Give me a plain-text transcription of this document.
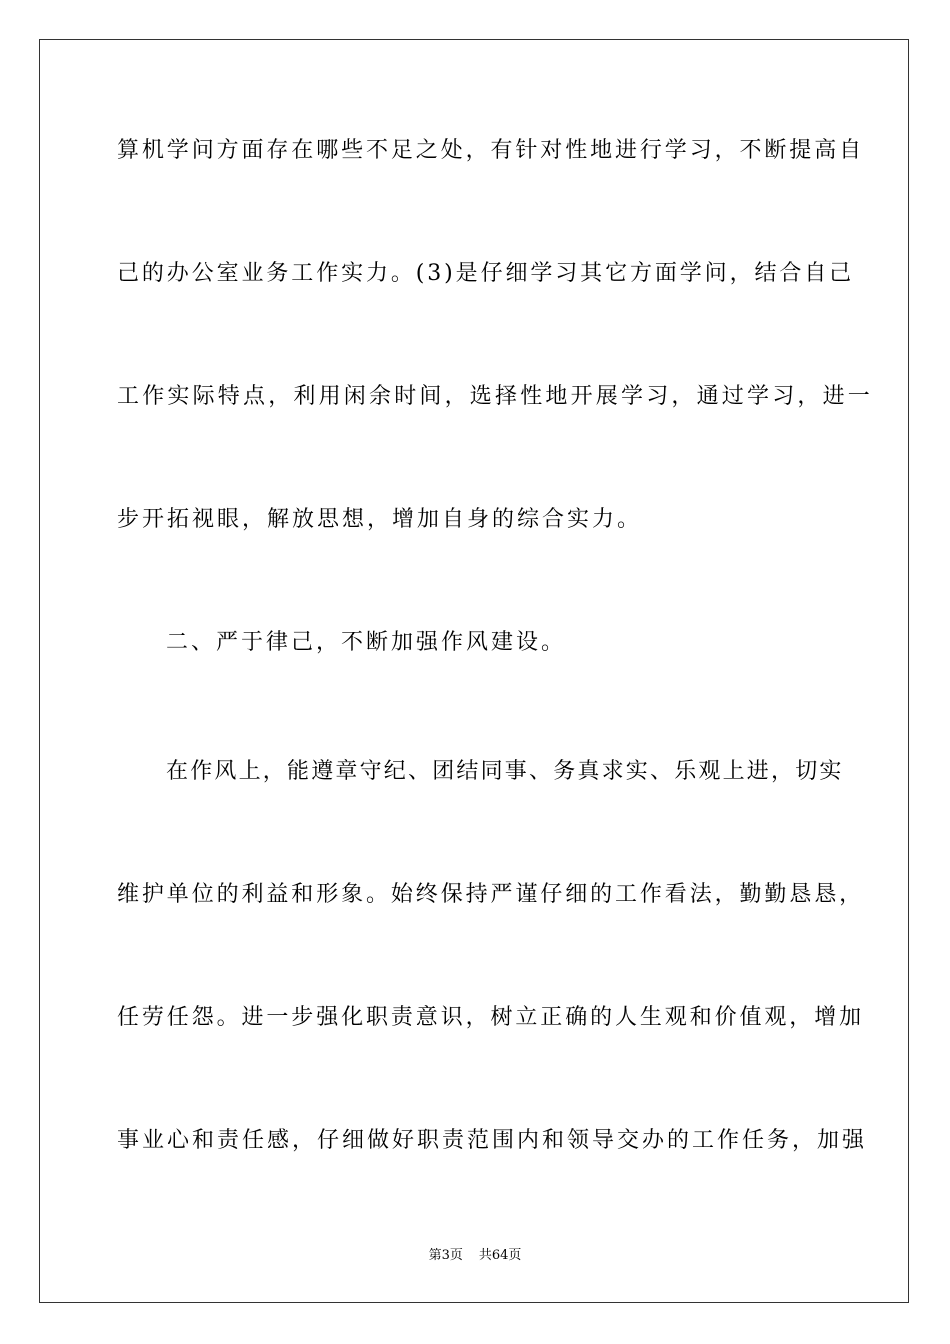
算机学问方面存在哪些不足之处，有针对性地进行学习，不断提高自
己的办公室业务工作实力。(3)是仔细学习其它方面学问，结合自己
工作实际特点，利用闲余时间，选择性地开展学习，通过学习，进一
步开拓视眼，解放思想，增加自身的综合实力。
二、严于律己，不断加强作风建设。
在作风上，能遵章守纪、团结同事、务真求实、乐观上进，切实
维护单位的利益和形象。始终保持严谨仔细的工作看法，勤勤恳恳，
任劳任怨。进一步强化职责意识，树立正确的人生观和价值观，增加
事业心和责任感，仔细做好职责范围内和领导交办的工作任务，加强
第3页 共64页
